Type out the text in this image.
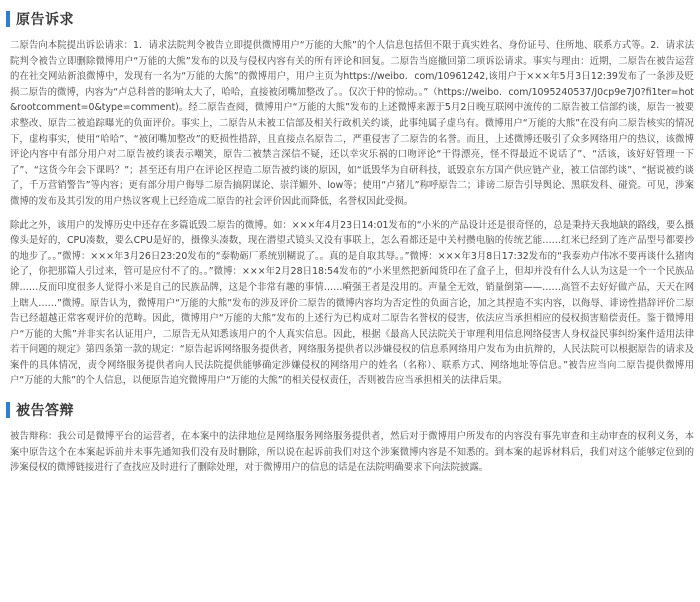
原告诉求

二原告向本院提出诉讼请求：1．请求法院判令被告立即提供微博用户“万能的大熊”的个人信息包括但不限于真实姓名、身份证号、住所地、联系方式等。2．请求法院判令被告立即删除微博用户“万能的大熊”发布的以及与侵权内容有关的所有评论和回复。二原告当庭撤回第二项诉讼请求。事实与理由：近期，二原告在被告运营的在社交网站新浪微博中，发现有一名为“万能的大熊”的微博用户，用户主页为https://weibo．com/10961242,该用户于×××年5月3日12:39发布了一条涉及贬损二原告的微博，内容为“卢总科普的影响太大了，哈哈，直接被闭嘴加整改了。。仅次于仲的惊动。。”（https://weibo．com/1095240537/J0cp9e7J0?fi1ter=hot&rootcomment=0&type=comment)。经二原告查阅，微博用户“万能的大熊”发布的上述微博来源于5月2日晚互联网中流传的二原告被工信部约谈，原告一被要求整改、原告二被追踪曝光的负面评价。事实上，二原告从未被工信部及相关行政机关约谈，此事纯属子虚乌有。微博用户“万能的大熊”在没有向二原告核实的情况下，虚构事实，使用“哈哈”、“被闭嘴加整改”的贬损性措辞，且直接点名原告二，严重侵害了二原告的名誉。而且，上述微博还吸引了众多网络用户的热议，该微博评论内容中有部分用户对二原告被约谈表示嘲笑，原告二被禁言深信不疑，还以幸灾乐祸的口吻评论“干得漂亮，怪不得最近不说话了”、“活该，该好好管理一下了”、“这货今年会下课吗？”；甚至还有用户在评论区捏造二原告被约谈的原因，如“诋毁华为自研科技，诋毁京东方国产供应链产业，被工信部约谈”、“据说被约谈了，千万营销警告”等内容；更有部分用户侮辱二原告搞阴谋论、崇洋媚外、low等；使用“卢猪儿”称呼原告二；诽谤二原告引导舆论、黑联发科、碰瓷。可见，涉案微博的发布及其引发的用户热议客观上已经造成二原告的社会评价因此而降低，名誉权因此受损。

除此之外，该用户的发博历史中还存在多篇诋毁二原告的微博。如：×××年4月23日14:01发布的“小米的产品设计还是很奇怪的，总是秉持天我地缺的路线，要么摄像头是好的，CPU凑数，要么CPU是好的，摄像头凑数，现在潜望式镜头又没有事联上，怎么看都还是中关村攒电脑的传统艺能……红米已经到了连产品型号都要抄的地步了。。”微博：×××年3月26日23:20发布的“泰勒砺厂系统别糊说了。。真的是自取其辱。。”微博：×××年3月8日17:32发布的“我泰劝卢伟冰不要再谈什么猪肉论了，你把那篇人引过来，管可是应付不了的。。”微博：×××年2月28日18:54发布的“小米里然把新闻货印在了盒子上，但却并没有什么人认为这是一个一个民族品牌……反而印度很多人觉得小米是自己的民族品牌，这是个非常有趣的事情……嗬强王者是没用的。声量全无效，销量倒第——……高管不去好好做产品，天天在网上瞎人……”微博。原告认为，微博用户“万能的大熊”发布的涉及评价二原告的微博内容均为否定性的负面言论，加之其捏造不实内容，以侮辱、诽谤性措辞评价二原告已经超越正常客观评价的范畴。因此，微博用户“万能的大熊”发布的上述行为已构成对二原告名誉权的侵害，依法应当承担相应的侵权损害赔偿责任。鉴于微博用户“万能的大熊”并非实名认证用户，二原告无从知悉该用户的个人真实信息。因此，根据《最高人民法院关于审理利用信息网络侵害人身权益民事纠纷案件适用法律若干问题的规定》第四条第一款的规定：“原告起诉网络服务提供者，网络服务提供者以涉嫌侵权的信息系网络用户发布为由抗辩的，人民法院可以根据原告的请求及案件的具体情况，责令网络服务提供者向人民法院提供能够确定涉嫌侵权的网络用户的姓名（名称）、联系方式、网络地址等信息。”被告应当向二原告提供微博用户“万能的大熊”的个人信息，以便原告追究微博用户“万能的大熊”的相关侵权责任，否则被告应当承担相关的法律后果。

被告答辩

被告辩称：我公司是微博平台的运营者，在本案中的法律地位是网络服务网络服务提供者，然后对于微博用户所发布的内容没有事先审查和主动审查的权利义务，本案中原告这个在本案起诉前并未事先通知我们没有及时删除，所以说在起诉前我们对这个涉案微博内容是不知悉的。到本案的起诉材料后，我们对这个能够定位到的涉案侵权的微博链接进行了查找应及时进行了删除处理，对于微博用户的信息的话是在法院明确要求下向法院披露。
